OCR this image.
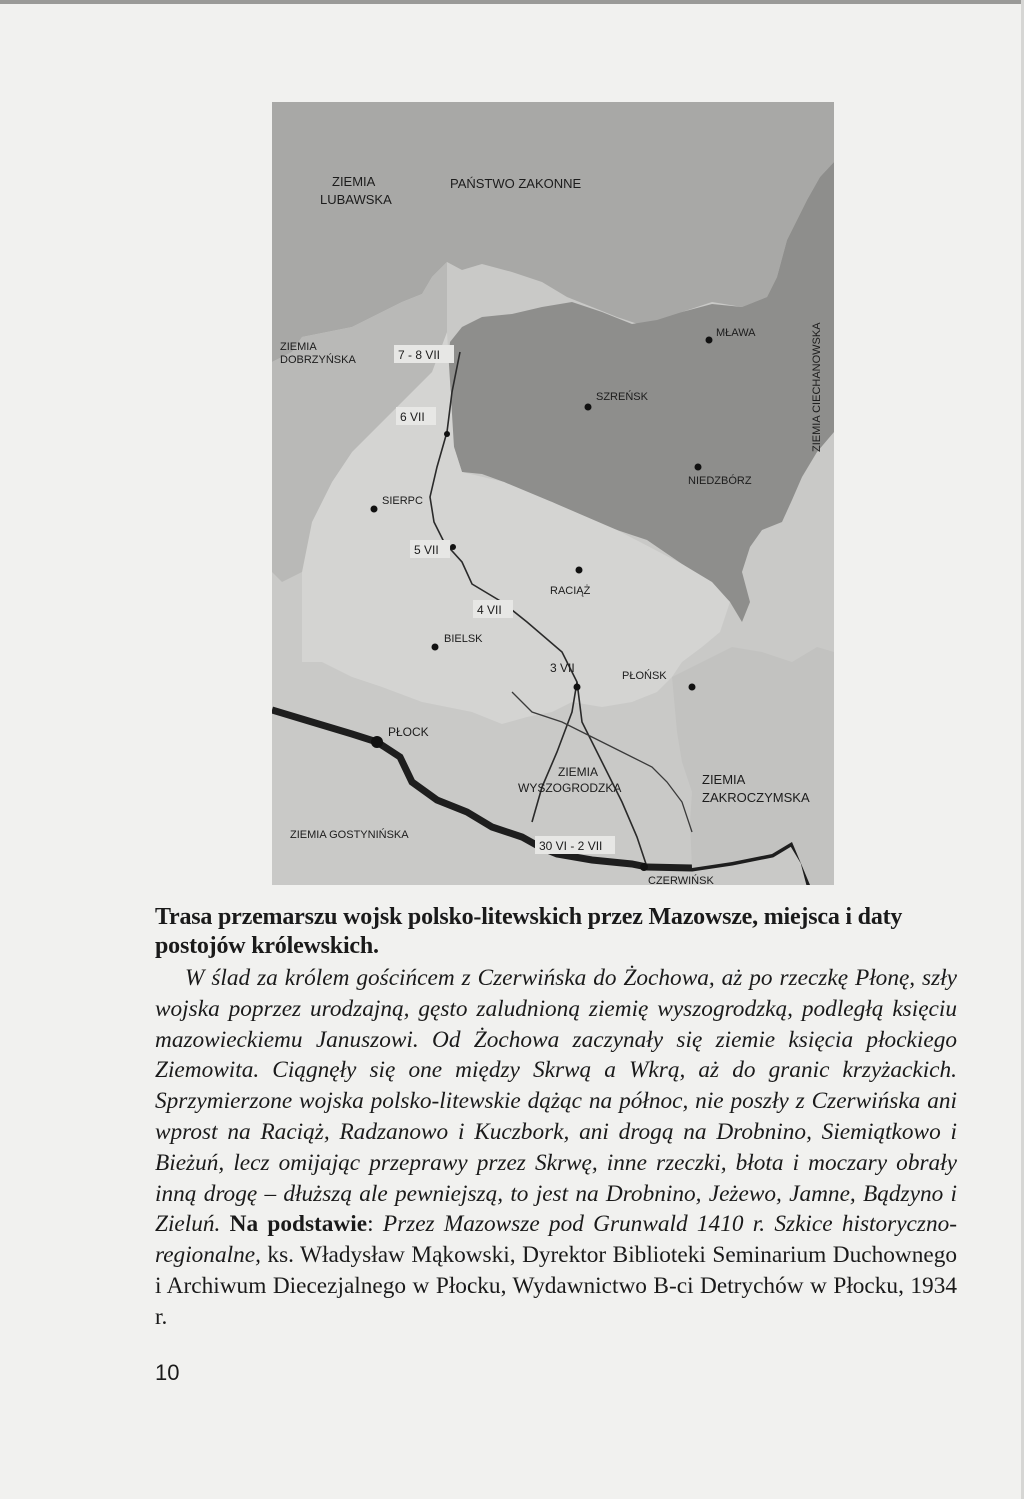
ZIEMIA
LUBAWSKA
PAŃSTWO ZAKONNE
ZIEMIA
DOBRZYŃSKA	ZIEMIA CIECHANOWSKA
ZIEMIA GOSTYNIŃSKA
ZIEMIA
WYSZOGRODZKA
ZIEMIA
ZAKROCZYMSKA
MŁAWA
SZREŃSK
NIEDZBÓRZ
SIERPC
RACIĄŻ
BIELSK
PŁOŃSK
PŁOCK
CZERWIŃSK
7 - 8 VII
6 VII
5 VII
4 VII
3 VII
30 VI - 2 VII
Trasa przemarszu wojsk polsko-litewskich przez Mazowsze, miejsca i daty postojów królewskich.
W ślad za królem gościńcem z Czerwińska do Żochowa, aż po rzeczkę Płonę, szły wojska poprzez urodzajną, gęsto zaludnioną ziemię wyszogrodzką, podległą księciu mazowieckiemu Januszowi. Od Żochowa zaczynały się ziemie księcia płockiego Ziemowita. Ciągnęły się one między Skrwą a Wkrą, aż do granic krzyżackich. Sprzymierzone wojska polsko-litewskie dążąc na północ, nie poszły z Czerwińska ani wprost na Raciąż, Radzanowo i Kuczbork, ani drogą na Drobnino, Siemiątkowo i Bieżuń, lecz omijając przeprawy przez Skrwę, inne rzeczki, błota i moczary obrały inną drogę – dłuższą ale pewniejszą, to jest na Drobnino, Jeżewo, Jamne, Bądzyno i Zieluń. Na podstawie: Przez Mazowsze pod Grunwald 1410 r. Szkice historyczno-regionalne, ks. Władysław Mąkowski, Dyrektor Biblioteki Seminarium Duchownego i Archiwum Diecezjalnego w Płocku, Wydawnictwo B-ci Detrychów w Płocku, 1934 r.
10
